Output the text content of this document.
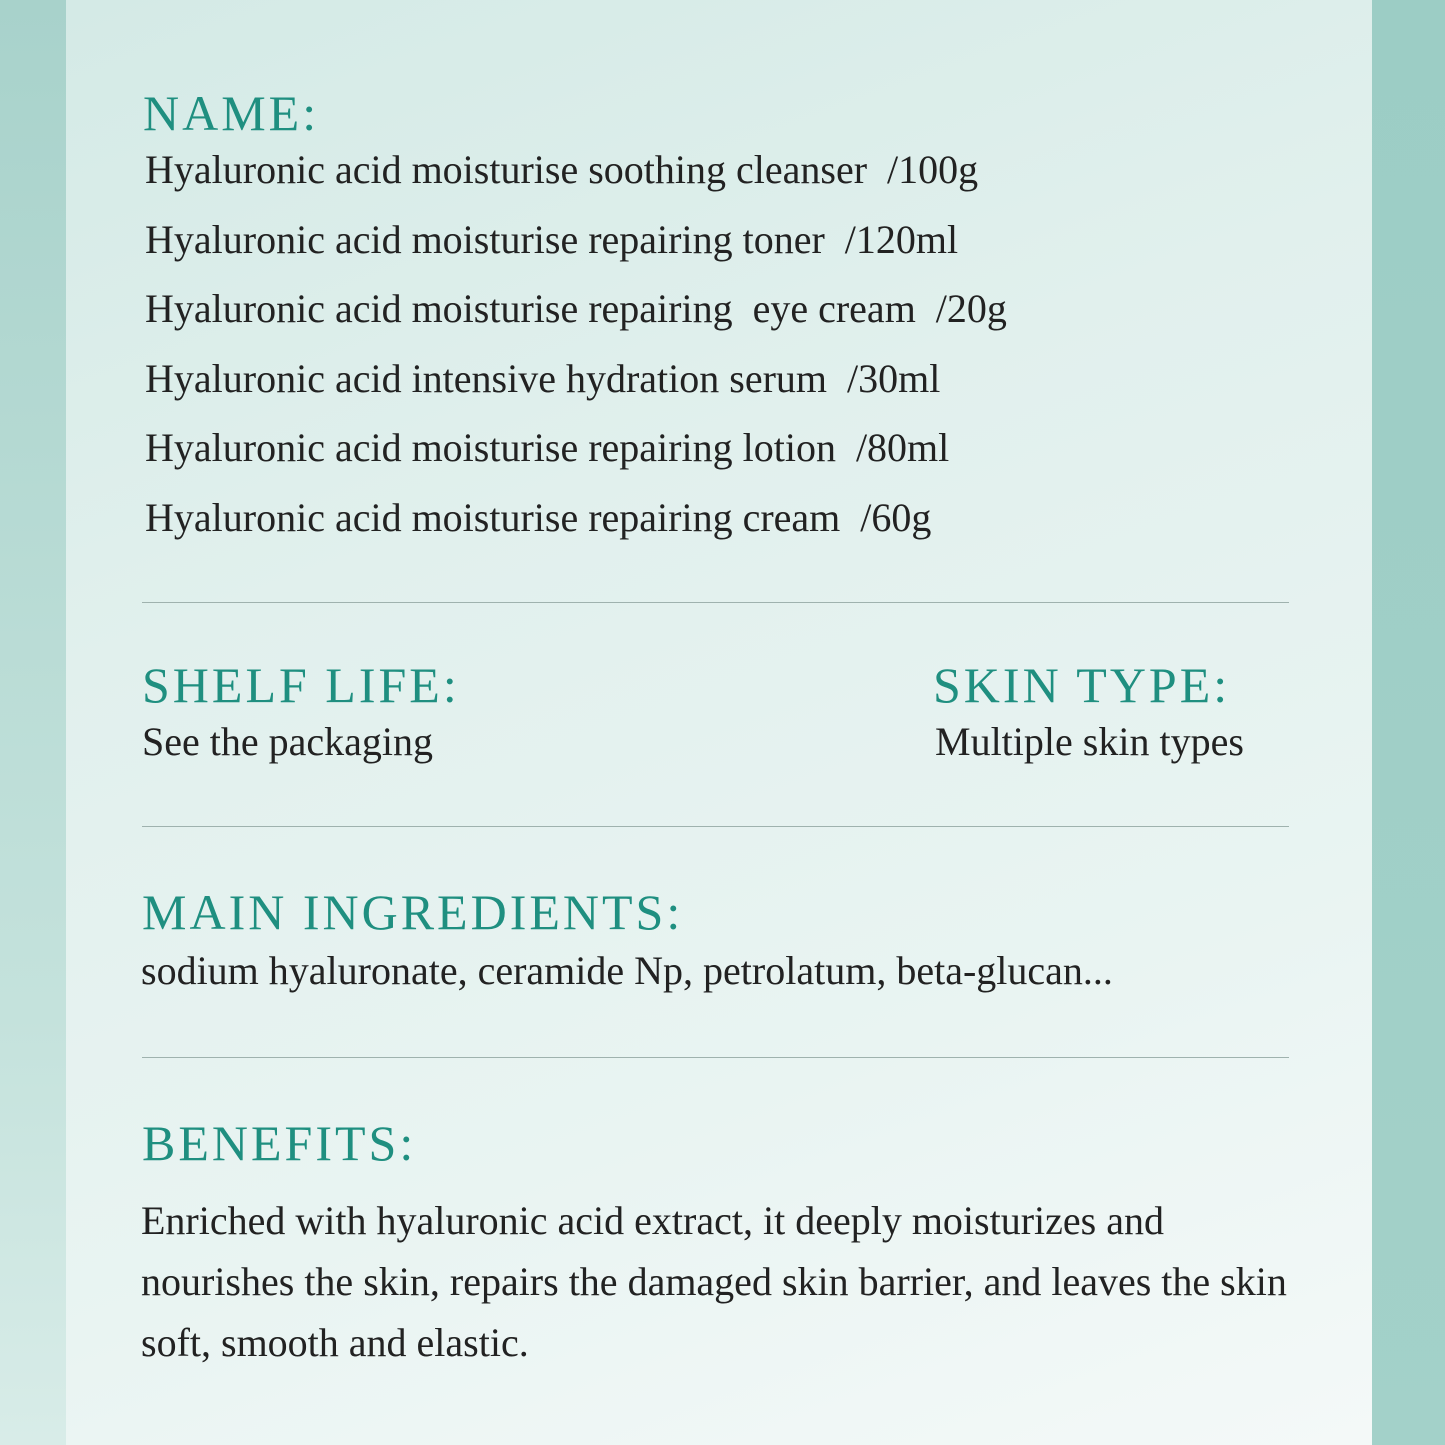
NAME:
Hyaluronic acid moisturise soothing cleanser  /100g
Hyaluronic acid moisturise repairing toner  /120ml
Hyaluronic acid moisturise repairing  eye cream  /20g
Hyaluronic acid intensive hydration serum  /30ml
Hyaluronic acid moisturise repairing lotion  /80ml
Hyaluronic acid moisturise repairing cream  /60g
SHELF LIFE:

See the packaging

SKIN TYPE:

Multiple skin types

MAIN INGREDIENTS:

sodium hyaluronate, ceramide Np, petrolatum, beta-glucan...

BENEFITS:

Enriched with hyaluronic acid extract, it deeply moisturizes and nourishes the skin, repairs the damaged skin barrier, and leaves the skin soft, smooth and elastic.
